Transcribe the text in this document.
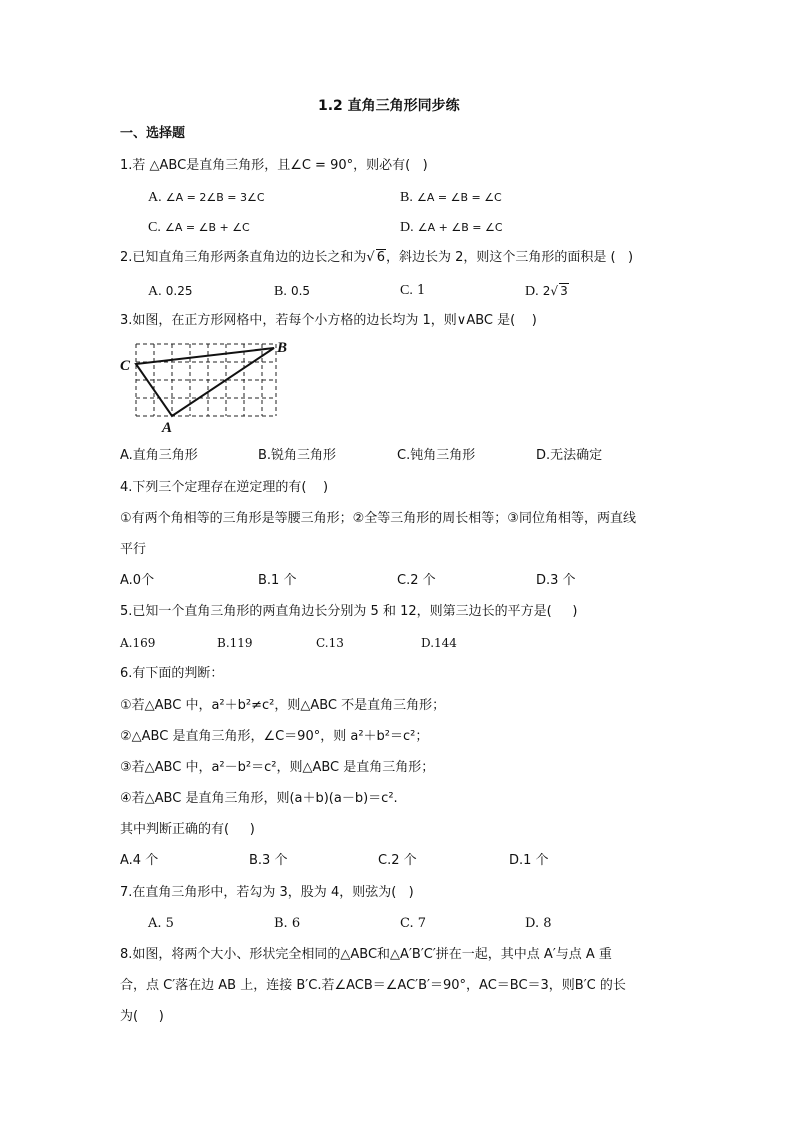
1.2 直角三角形同步练
一、选择题
1.若 △ABC是直角三角形，且∠C = 90°，则必有(   )
A. ∠A = 2∠B = 3∠C	B. ∠A = ∠B = ∠C
C. ∠A = ∠B + ∠C	D. ∠A + ∠B = ∠C
2.已知直角三角形两条直角边的边长之和为√ 6，斜边长为 2，则这个三角形的面积是 (   )
A. 0.25	B. 0.5	C. 1	D. 2√ 3
3.如图，在正方形网格中，若每个小方格的边长均为 1，则∨ABC 是(    )
C
B
A
A.直角三角形	B.锐角三角形	C.钝角三角形	D.无法确定
4.下列三个定理存在逆定理的有(    )
①有两个角相等的三角形是等腰三角形；②全等三角形的周长相等；③同位角相等，两直线
平行
A.0个	B.1 个	C.2 个	D.3 个
5.已知一个直角三角形的两直角边长分别为 5 和 12，则第三边长的平方是(     )
A.169	B.119	C.13	D.144
6.有下面的判断：
①若△ABC 中，a²＋b²≠c²，则△ABC 不是直角三角形；
②△ABC 是直角三角形，∠C＝90°，则 a²＋b²＝c²；
③若△ABC 中，a²－b²＝c²，则△ABC 是直角三角形；
④若△ABC 是直角三角形，则(a＋b)(a－b)＝c².
其中判断正确的有(     )
A.4 个	B.3 个	C.2 个	D.1 个
7.在直角三角形中，若勾为 3，股为 4，则弦为(   )
A. 5	B. 6	C. 7	D. 8
8.如图，将两个大小、形状完全相同的△ABC和△A′B′C′拼在一起，其中点 A′与点 A 重
合，点 C′落在边 AB 上，连接 B′C.若∠ACB＝∠AC′B′＝90°，AC＝BC＝3，则B′C 的长
为(     )
